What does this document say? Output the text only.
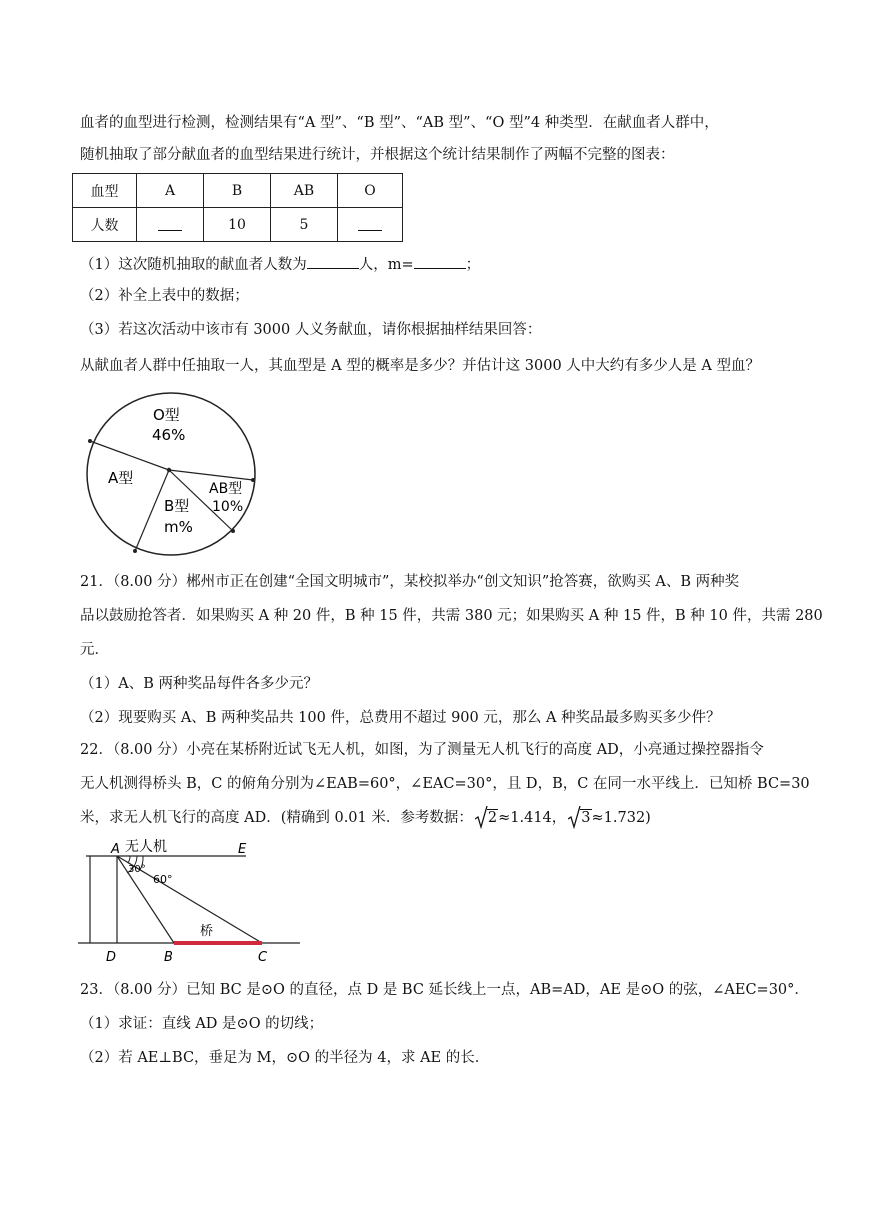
血者的血型进行检测，检测结果有“A 型”、“B 型”、“AB 型”、“O 型”4 种类型．在献血者人群中，
随机抽取了部分献血者的血型结果进行统计，并根据这个统计结果制作了两幅不完整的图表：
血型	A	B	AB	O
人数		10	5	
（1）这次随机抽取的献血者人数为	人，m=	；
（2）补全上表中的数据；
（3）若这次活动中该市有 3000 人义务献血，请你根据抽样结果回答：
从献血者人群中任抽取一人，其血型是 A 型的概率是多少？并估计这 3000 人中大约有多少人是 A 型血？
O型
46%
A型
B型
m%
AB型
10%
21．（8.00 分）郴州市正在创建“全国文明城市”，某校拟举办“创文知识”抢答赛，欲购买 A、B 两种奖
品以鼓励抢答者．如果购买 A 种 20 件，B 种 15 件，共需 380 元；如果购买 A 种 15 件，B 种 10 件，共需 280
元．
（1）A、B 两种奖品每件各多少元？
（2）现要购买 A、B 两种奖品共 100 件，总费用不超过 900 元，那么 A 种奖品最多购买多少件？
22．（8.00 分）小亮在某桥附近试飞无人机，如图，为了测量无人机飞行的高度 AD，小亮通过操控器指令
无人机测得桥头 B，C 的俯角分别为∠EAB=60°，∠EAC=30°，且 D，B，C 在同一水平线上．已知桥 BC=30
米，求无人机飞行的高度 AD．(精确到 0.01 米．参考数据： 2≈1.414， 3≈1.732)
A 无人机	E
30°
60°
桥
D	B	C
23．（8.00 分）已知 BC 是⊙O 的直径，点 D 是 BC 延长线上一点，AB=AD，AE 是⊙O 的弦，∠AEC=30°．
（1）求证：直线 AD 是⊙O 的切线；
（2）若 AE⊥BC，垂足为 M，⊙O 的半径为 4，求 AE 的长．
